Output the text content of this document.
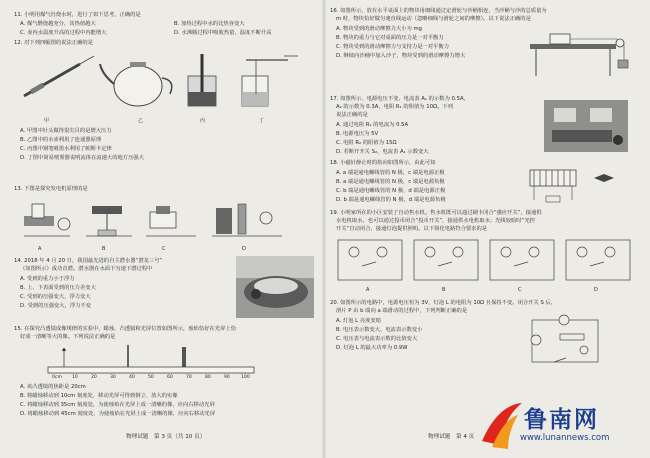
11. 小明用煤气灶烧水时，进行了如下思考，正确的是
A. 煤气燃烧越充分，其热值越大	B. 加热过程中水的比热容变大
C. 壶内水温度升高的过程中内能增大	D. 水沸腾过程中吸收热量，温度不断升高
12. 对下列四幅图的说法正确的是
甲	乙	丙	丁
A. 甲图中针头做得很尖目的是增大压力
B. 乙图中的水壶利用了连通器原理
C. 丙图中钢笔吸墨水利用了帕斯卡定律
D. 丁图中简易喷雾器说明流体在流速大的地方压强大
13. 下图是探究发电机原理的是
A	B	C	D
14. 2018 年 4 月 20 日，我国最先进的自主潜水器“潜龙三号”
（如图所示）成功首潜。潜水器在水面下匀速下潜过程中
A. 受到的重力小于浮力
B. 上、下表面受到的压力差变大
C. 受到的压强变大，浮力变大
D. 受到的压强变大，浮力不变
15. 在探究凸透镜成像规律的实验中，蜡烛、凸透镜和光屏位置如图所示，烛焰恰好在光屏上恰
好成一清晰等大的像。下列说法正确的是
0cm 10	20	30	40	50	60	70	80	90 100
A. 该凸透镜的焦距是 20cm
B. 将蜡烛移动到 10cm 刻度处，移动光屏可得到倒立、放大的实像
C. 将蜡烛移动到 35cm 刻度处，为使烛焰在光屏上成一清晰的像，应向右移动光屏
D. 将蜡烛移动到 45cm 刻度处，为使烛焰在光屏上成一清晰的像，应向右移动光屏
物理试题　第 3 页（共 10 页）
16. 如图所示，放在水平桌面上的物块用细线通过定滑轮与沙桶相连，当沙桶与沙的总质量为
m 时，物块恰好做匀速直线运动（忽略细线与滑轮之间的摩擦）。以下说法正确的是
A. 物块受到的滑动摩擦力大小为 mg
B. 物块的重力与它对桌面的压力是一对平衡力
C. 物块受到的滑动摩擦力与支持力是一对平衡力
D. 继续向沙桶中加入沙子，物块受到的滑动摩擦力增大
17. 如图所示，电源电压不变，电流表 A₁ 的示数为 0.5A，
A₂ 的示数为 0.3A，电阻 R₁ 的阻值为 10Ω。下列
说法正确的是
A. 通过电阻 R₁ 的电流为 0.5A
B. 电源电压为 5V
C. 电阻 R₂ 的阻值为 15Ω
D. 若断开开关 S₂，电流表 A₁ 示数变大
18. 小磁针静止时的指向如图所示，由此可知
A. a 端是通电螺线管的 N 极，c 端是电源正极
B. a 端是通电螺线管的 N 极，c 端是电源负极
C. b 端是通电螺线管的 N 极，d 端是电源正极
D. b 端是通电螺线管的 N 极，d 端是电源负极
19. 小明家所在的小区安装了自动售水机。售水机既可以通过刷卡闭合“感应开关”，接通供
水电机取水，也可以通过投币闭合“投币开关”，接通供水电机取水；光线较暗时“光控
开关”自动闭合，接通灯泡提供照明。以下简化电路符合要求的是
A	B	C	D
20. 如图所示的电路中，电源电压恒为 3V，灯泡 L 的电阻为 10Ω 且保持不变。闭合开关 S 后，
滑片 P 由 b 端向 a 端滑动的过程中，下列判断正确的是
A. 灯泡 L 亮度变暗
B. 电压表示数变大，电流表示数变小
C. 电压表与电流表示数的比值变大
D. 灯泡 L 的最大功率为 0.9W
物理试题　第 4 页
鲁南网
www.lunannews.com
